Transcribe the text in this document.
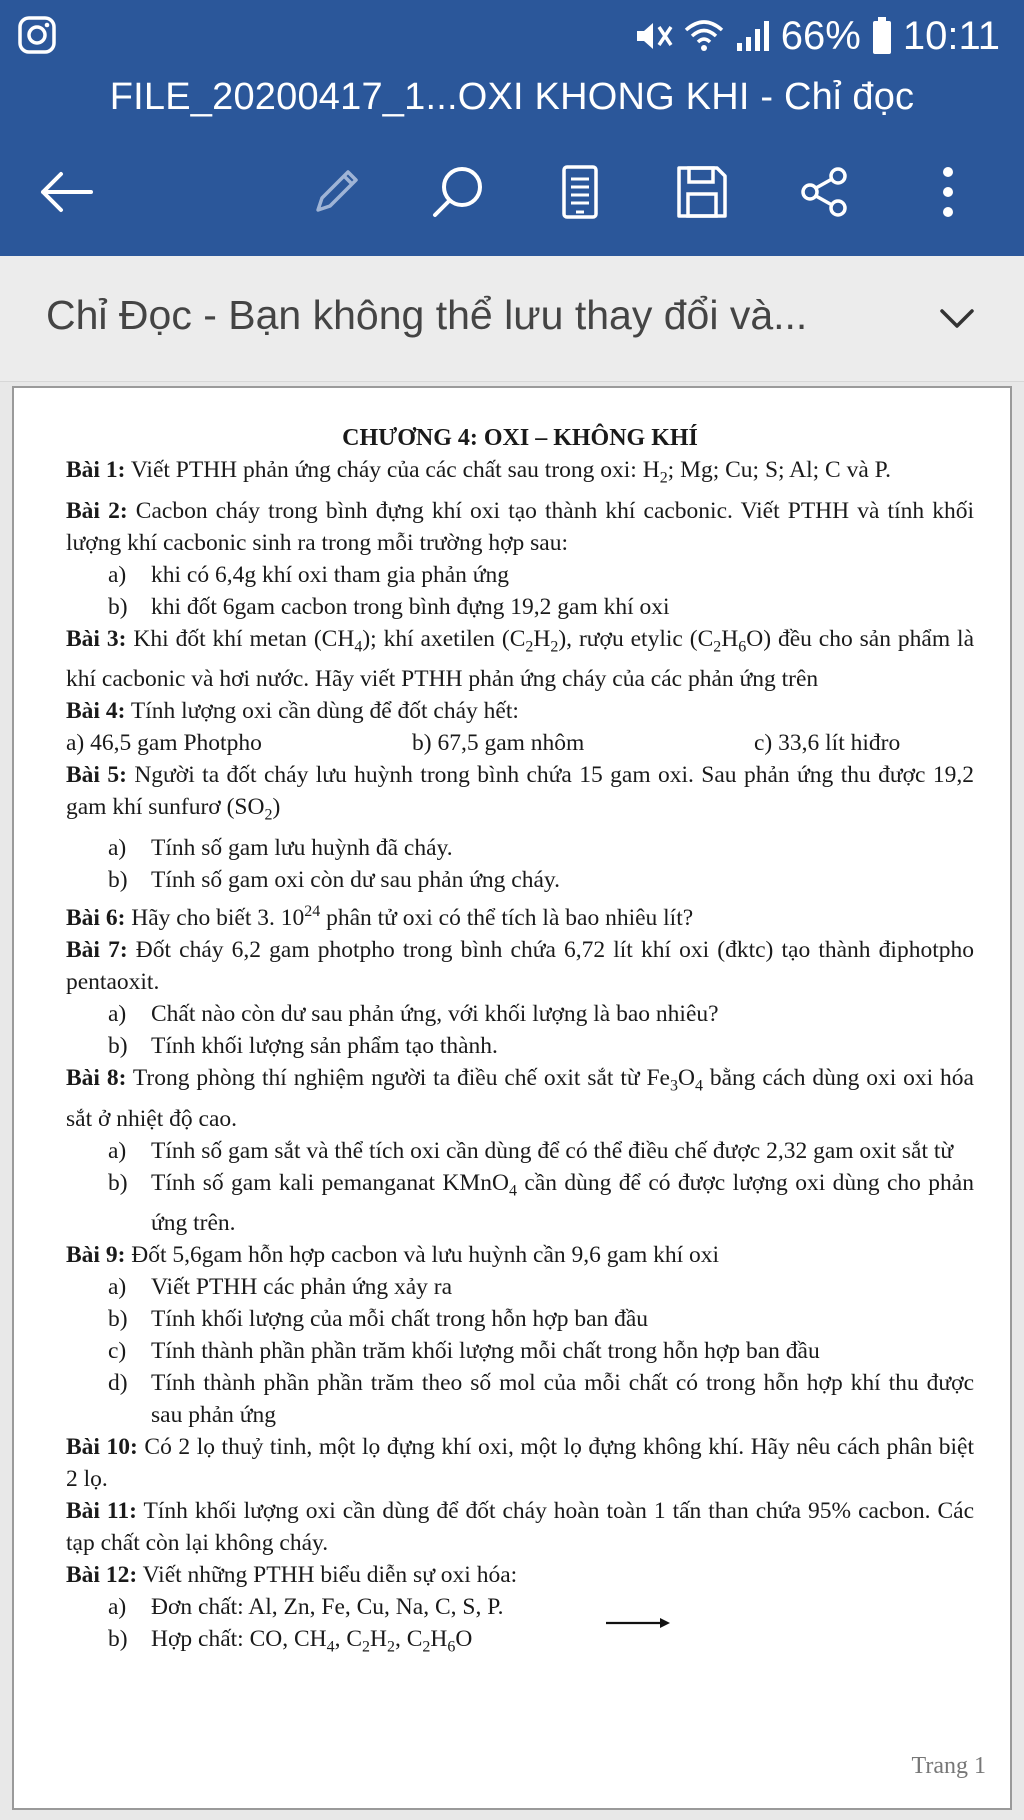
66% 10:11
FILE_20200417_1...OXI KHONG KHI - Chỉ đọc
Chỉ Đọc - Bạn không thể lưu thay đổi và...

CHƯƠNG 4: OXI – KHÔNG KHÍ

Bài 1: Viết PTHH phản ứng cháy của các chất sau trong oxi: $H_2$; Mg; Cu; S; Al; C và P.

Bài 2: Cacbon cháy trong bình đựng khí oxi tạo thành khí cacbonic. Viết PTHH và tính khối lượng khí cacbonic sinh ra trong mỗi trường hợp sau:

a)	khi có 6,4g khí oxi tham gia phản ứng
b) khi đốt 6gam cacbon trong bình đựng 19,2 gam khí oxi

Bài 3: Khi đốt khí metan $(CH_4)$; khí axetilen $(C_2H_2)$, rượu etylic $(C_2H_6O)$ đều cho sản phẩm là khí cacbonic và hơi nước. Hãy viết PTHH phản ứng cháy của các phản ứng trên

Bài 4: Tính lượng oxi cần dùng để đốt cháy hết:

a) 46,5 gam Photpho	b) 67,5 gam nhôm	c) 33,6 lít hiđro

Bài 5: Người ta đốt cháy lưu huỳnh trong bình chứa 15 gam oxi. Sau phản ứng thu được 19,2 gam khí sunfurơ $(SO_2)$

a)	Tính số gam lưu huỳnh đã cháy.
b) Tính số gam oxi còn dư sau phản ứng cháy.

Bài 6: Hãy cho biết 3. $10^{24}$ phân tử oxi có thể tích là bao nhiêu lít?

Bài 7: Đốt cháy 6,2 gam photpho trong bình chứa 6,72 lít khí oxi (đktc) tạo thành điphotpho pentaoxit.

a)	Chất nào còn dư sau phản ứng, với khối lượng là bao nhiêu?
b) Tính khối lượng sản phẩm tạo thành.

Bài 8: Trong phòng thí nghiệm người ta điều chế oxit sắt từ $Fe_3O_4$ bằng cách dùng oxi oxi hóa sắt ở nhiệt độ cao.

a)	Tính số gam sắt và thể tích oxi cần dùng để có thể điều chế được 2,32 gam oxit sắt từ
b) Tính số gam kali pemanganat KMnO$_4$ cần dùng để có được lượng oxi dùng cho phản ứng trên.

Bài 9: Đốt 5,6gam hỗn hợp cacbon và lưu huỳnh cần 9,6 gam khí oxi

a)	Viết PTHH các phản ứng xảy ra
b) Tính khối lượng của mỗi chất trong hỗn hợp ban đầu
c)	Tính thành phần phần trăm khối lượng mỗi chất trong hỗn hợp ban đầu
d) Tính thành phần phần trăm theo số mol của mỗi chất có trong hỗn hợp khí thu được sau phản ứng

Bài 10: Có 2 lọ thuỷ tinh, một lọ đựng khí oxi, một lọ đựng không khí. Hãy nêu cách phân biệt 2 lọ.

Bài 11: Tính khối lượng oxi cần dùng để đốt cháy hoàn toàn 1 tấn than chứa 95% cacbon. Các tạp chất còn lại không cháy.

Bài 12: Viết những PTHH biểu diễn sự oxi hóa:

a)	Đơn chất: Al, Zn, Fe, Cu, Na, C, S, P.
b) Hợp chất: CO, $CH_4$, $C_2H_2$, $C_2H_6O$
Trang 1
